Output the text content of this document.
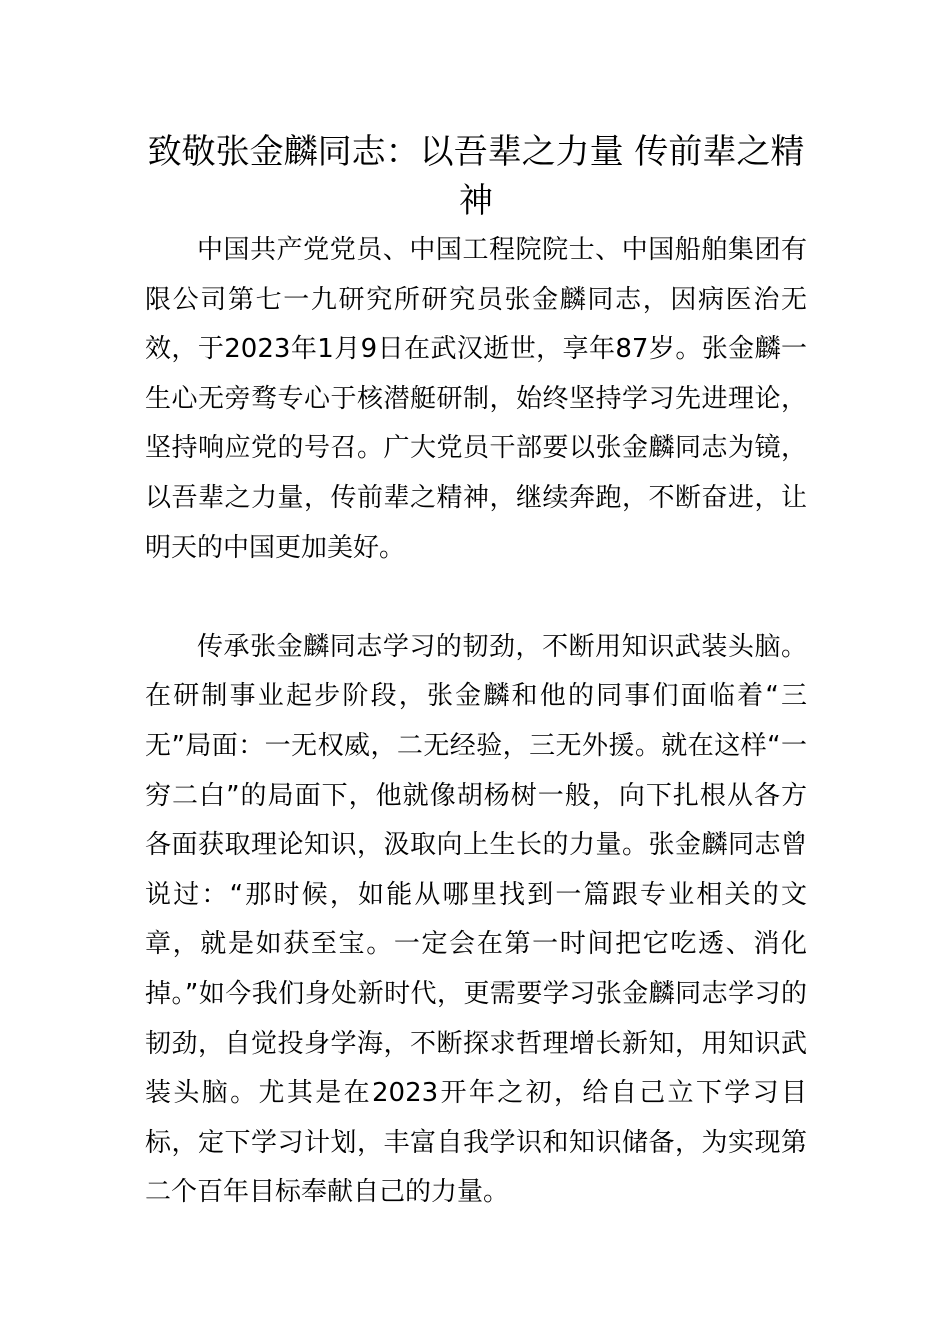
致敬张金麟同志：以吾辈之力量 传前辈之精神

中国共产党党员、中国工程院院士、中国船舶集团有限公司第七一九研究所研究员张金麟同志，因病医治无效，于2023年1月9日在武汉逝世，享年87岁。张金麟一生心无旁骛专心于核潜艇研制，始终坚持学习先进理论，坚持响应党的号召。广大党员干部要以张金麟同志为镜，以吾辈之力量，传前辈之精神，继续奔跑，不断奋进，让明天的中国更加美好。

传承张金麟同志学习的韧劲，不断用知识武装头脑。在研制事业起步阶段，张金麟和他的同事们面临着“三无”局面：一无权威，二无经验，三无外援。就在这样“一穷二白”的局面下，他就像胡杨树一般，向下扎根从各方各面获取理论知识，汲取向上生长的力量。张金麟同志曾说过：“那时候，如能从哪里找到一篇跟专业相关的文章，就是如获至宝。一定会在第一时间把它吃透、消化掉。”如今我们身处新时代，更需要学习张金麟同志学习的韧劲，自觉投身学海，不断探求哲理增长新知，用知识武装头脑。尤其是在2023开年之初，给自己立下学习目标，定下学习计划，丰富自我学识和知识储备，为实现第二个百年目标奉献自己的力量。
